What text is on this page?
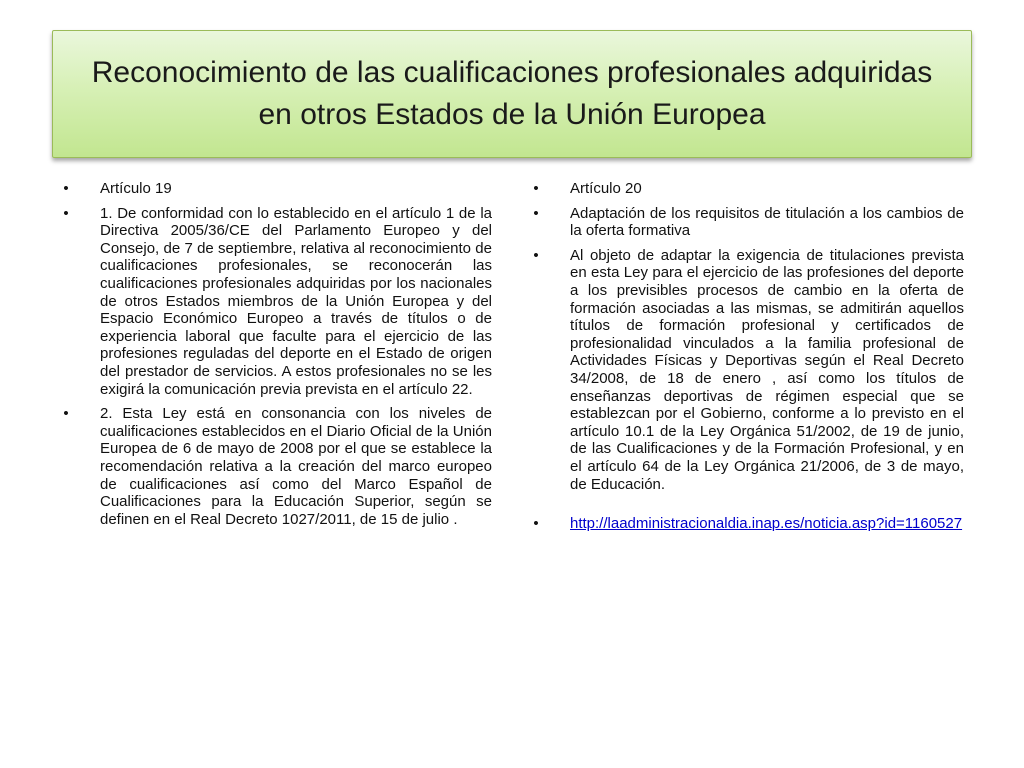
Reconocimiento de las cualificaciones profesionales adquiridas en otros Estados de la Unión Europea
• Artículo 19
• 1. De conformidad con lo establecido en el artículo 1 de la Directiva 2005/36/CE del Parlamento Europeo y del Consejo, de 7 de septiembre, relativa al reconocimiento de cualificaciones profesionales, se reconocerán las cualificaciones profesionales adquiridas por los nacionales de otros Estados miembros de la Unión Europea y del Espacio Económico Europeo a través de títulos o de experiencia laboral que faculte para el ejercicio de las profesiones reguladas del deporte en el Estado de origen del prestador de servicios. A estos profesionales no se les exigirá la comunicación previa prevista en el artículo 22.
• 2. Esta Ley está en consonancia con los niveles de cualificaciones establecidos en el Diario Oficial de la Unión Europea de 6 de mayo de 2008 por el que se establece la recomendación relativa a la creación del marco europeo de cualificaciones así como del Marco Español de Cualificaciones para la Educación Superior, según se definen en el Real Decreto 1027/2011, de 15 de julio .
• Artículo 20
• Adaptación de los requisitos de titulación a los cambios de la oferta formativa
• Al objeto de adaptar la exigencia de titulaciones prevista en esta Ley para el ejercicio de las profesiones del deporte a los previsibles procesos de cambio en la oferta de formación asociadas a las mismas, se admitirán aquellos títulos de formación profesional y certificados de profesionalidad vinculados a la familia profesional de Actividades Físicas y Deportivas según el Real Decreto 34/2008, de 18 de enero , así como los títulos de enseñanzas deportivas de régimen especial que se establezcan por el Gobierno, conforme a lo previsto en el artículo 10.1 de la Ley Orgánica 51/2002, de 19 de junio, de las Cualificaciones y de la Formación Profesional, y en el artículo 64 de la Ley Orgánica 21/2006, de 3 de mayo, de Educación.
• http://laadministracionaldia.inap.es/noticia.asp?id=1160527
